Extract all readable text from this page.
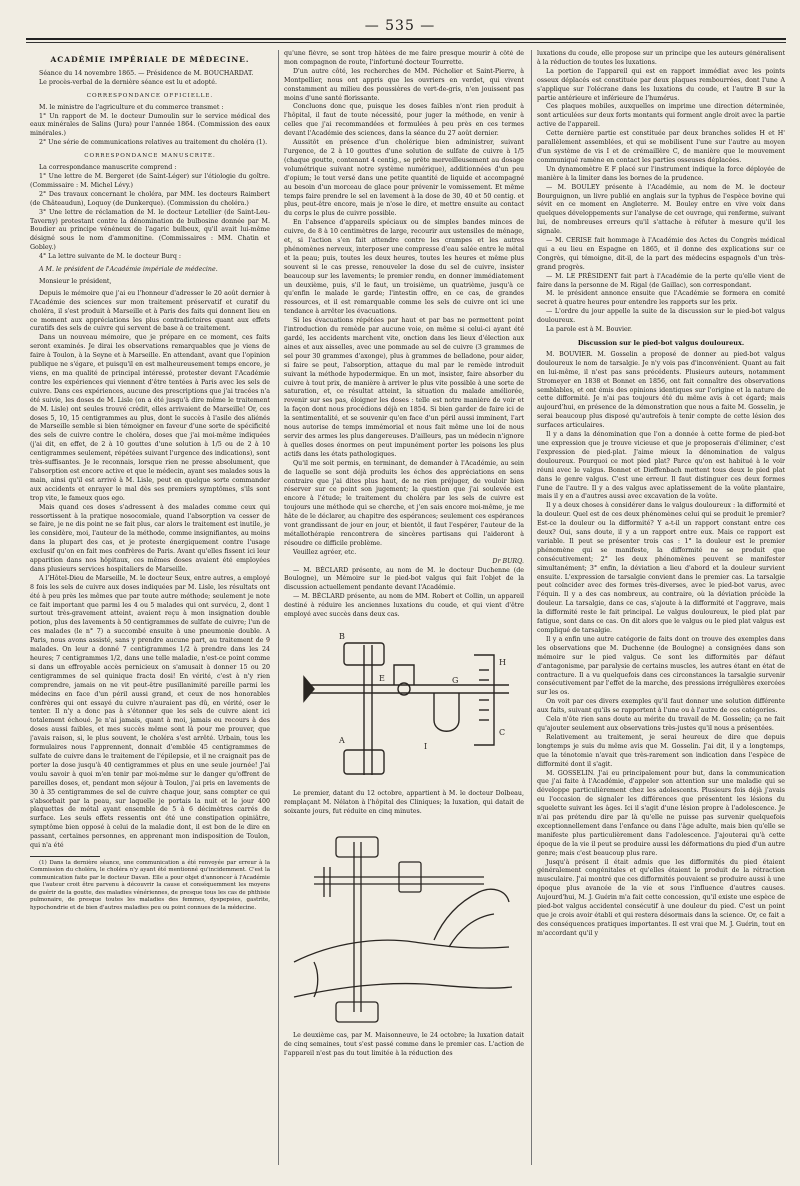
— 535 —

ACADÉMIE IMPÉRIALE DE MÉDECINE.

Séance du 14 novembre 1865. — Présidence de M. BOUCHARDAT.

Le procès-verbal de la dernière séance est lu et adopté.

CORRESPONDANCE OFFICIELLE.

M. le ministre de l'agriculture et du commerce transmet :

1° Un rapport de M. le docteur Dumoulin sur le service médical des eaux minérales de Salins (Jura) pour l'année 1864. (Commission des eaux minérales.)

2° Une série de communications relatives au traitement du choléra (1).

CORRESPONDANCE MANUSCRITE.

La correspondance manuscrite comprend :

1° Une lettre de M. Bergeret (de Saint-Léger) sur l'étiologie du goître. (Commissaire : M. Michel Lévy.)

2° Des travaux concernant le choléra, par MM. les docteurs Raimbert (de Châteaudun), Loquoy (de Dunkerque). (Commission du choléra.)

3° Une lettre de réclamation de M. le docteur Letellier (de Saint-Leu-Taverny) protestant contre la dénomination de bulbosine donnée par M. Boudier au principe vénéneux de l'agaric bulbeux, qu'il avait lui-même désigné sous le nom d'ammonitine. (Commissaires : MM. Chatin et Gobley.)

4° La lettre suivante de M. le docteur Burq :

A M. le président de l'Académie impériale de médecine.

Monsieur le président,

Depuis le mémoire que j'ai eu l'honneur d'adresser le 20 août dernier à l'Académie des sciences sur mon traitement préservatif et curatif du choléra, il s'est produit à Marseille et à Paris des faits qui donnent lieu en ce moment aux appréciations les plus contradictoires quant aux effets curatifs des sels de cuivre qui servent de base à ce traitement.

Dans un nouveau mémoire, que je prépare en ce moment, ces faits seront examinés. Je dirai les observations remarquables que je viens de faire à Toulon, à la Seyne et à Marseille. En attendant, avant que l'opinion publique ne s'égare, et puisqu'il en est malheureusement temps encore, je viens, en ma qualité de principal intéressé, protester devant l'Académie contre les expériences qui viennent d'être tentées à Paris avec les sels de cuivre. Dans ces expériences, aucune des prescriptions que j'ai tracées n'a été suivie, les doses de M. Lisle (on a été jusqu'à dire même le traitement de M. Lisle) ont seules trouvé crédit, elles arrivaient de Marseille! Or, ces doses 5, 10, 15 centigrammes au plus, dont le succès à l'asile des aliénés de Marseille semble si bien témoigner en faveur d'une sorte de spécificité des sels de cuivre contre le choléra, doses que j'ai moi-même indiquées (j'ai dit, en effet, de 2 à 10 gouttes d'une solution à 1/5 ou de 2 à 10 centigrammes seulement, répétées suivant l'urgence des indications), sont très-suffisantes. Je le reconnais, lorsque rien ne presse absolument, que l'absorption est encore active et que le médecin, ayant ses malades sous la main, ainsi qu'il est arrivé à M. Lisle, peut en quelque sorte commander aux accidents et enrayer le mal dès ses premiers symptômes, s'ils sont trop vite, le fameux quos ego.

Mais quand ces doses s'adressent à des malades comme ceux qui ressortissent à la pratique nosocomiale, quand l'absorption va cesser de se faire, je ne dis point ne se fait plus, car alors le traitement est inutile, je les considère, moi, l'auteur de la méthode, comme insignifiantes, au moins dans la plupart des cas, et je proteste énergiquement contre l'usage exclusif qu'on en fait mes confrères de Paris. Avant qu'elles fissent ici leur apparition dans nos hôpitaux, ces mêmes doses avaient été employées dans plusieurs services hospitaliers de Marseille.

A l'Hôtel-Dieu de Marseille, M. le docteur Seux, entre autres, a employé 8 fois les sels de cuivre aux doses indiquées par M. Lisle, les résultats ont été à peu près les mêmes que par toute autre méthode; seulement je note ce fait important que parmi les 4 ou 5 malades qui ont survécu, 2, dont 1 surtout très-gravement atteint, avaient reçu à mon insignation double potion, plus des lavements à 50 centigrammes de sulfate de cuivre; l'un de ces malades (le n° 7) a succombé ensuite à une pneumonie double. A Paris, nous avons assisté, sans y prendre aucune part, au traitement de 9 malades. On leur a donné 7 centigrammes 1/2 à prendre dans les 24 heures; 7 centigrammes 1/2, dans une telle maladie, n'est-ce point comme si dans un effroyable accès pernicieux on s'amusait à donner 15 ou 20 centigrammes de sel quinique fracta dosi! En vérité, c'est à n'y rien comprendre, jamais on ne vit peut-être pusillanimité pareille parmi les médecins en face d'un péril aussi grand, et ceux de nos honorables confrères qui ont essayé du cuivre n'auraient pas dû, en vérité, oser le tenter. Il n'y a donc pas à s'étonner que les sels de cuivre aient ici totalement échoué. Je n'ai jamais, quant à moi, jamais eu recours à des doses aussi faibles, et mes succès même sont là pour me prouver, que j'avais raison, si, le plus souvent, le choléra s'est arrêté. Urbain, tous les formulaires nous l'apprennent, donnait d'emblée 45 centigrammes de sulfate de cuivre dans le traitement de l'épilepsie, et il ne craignait pas de porter la dose jusqu'à 40 centigrammes et plus en une seule journée! J'ai voulu savoir à quoi m'en tenir par moi-même sur le danger qu'offrent de pareilles doses, et, pendant mon séjour à Toulon, j'ai pris en lavements de 30 à 35 centigrammes de sel de cuivre chaque jour, sans compter ce qui s'absorbait par la peau, sur laquelle je portais la nuit et le jour 400 plaquettes de métal ayant ensemble de 5 à 6 décimètres carrés de surface. Les seuls effets ressentis ont été une constipation opiniâtre, symptôme bien opposé à celui de la maladie dont, il est bon de le dire en passant, certaines personnes, en apprenant mon indisposition de Toulon, qui n'a été

(1) Dans la dernière séance, une communication a été renvoyée par erreur à la Commission du choléra, le choléra n'y ayant été mentionné qu'incidemment. C'est la communication faite par le docteur Davan. Elle a pour objet d'annoncer à l'Académie que l'auteur croit être parvenu à découvrir la cause et conséquemment les moyens de guérir de la goutte, des maladies vénériennes, de presque tous les cas de phthisie pulmonaire, de presque toutes les maladies des femmes, dyspepsies, gastrite, hypochondrie et de bien d'autres maladies peu ou point connues de la médecine.

qu'une fièvre, se sont trop hâtées de me faire presque mourir à côté de mon compagnon de route, l'infortuné docteur Tourrette.

D'un autre côté, les recherches de MM. Pécholier et Saint-Pierre, à Montpellier, nous ont appris que les ouvriers en verdet, qui vivent constamment au milieu des poussières de vert-de-gris, n'en jouissent pas moins d'une santé florissante.

Concluons donc que, puisque les doses faibles n'ont rien produit à l'hôpital, il faut de toute nécessité, pour juger la méthode, en venir à celles que j'ai recommandées et formulées à peu près en ces termes devant l'Académie des sciences, dans la séance du 27 août dernier.

Aussitôt en présence d'un cholérique bien administrer, suivant l'urgence, de 2 à 10 gouttes d'une solution de sulfate de cuivre à 1/5 (chaque goutte, contenant 4 centig., se prête merveilleusement au dosage volumétrique suivant notre système numérique), additionnées d'un peu d'opium; le tout versé dans une petite quantité de liquide et accompagné au besoin d'un morceau de glace pour prévenir le vomissement. Et même temps faire prendre le sel en lavement à la dose de 30, 40 et 50 centig. et plus, peut-être encore, mais je n'ose le dire, et mettre ensuite au contact du corps le plus de cuivre possible.

En l'absence d'appareils spéciaux ou de simples bandes minces de cuivre, de 8 à 10 centimètres de large, recourir aux ustensiles de ménage, et, si l'action s'en fait attendre contre les crampes et les autres phénomènes nerveux, interposer une compresse d'eau salée entre le métal et la peau; puis, toutes les deux heures, toutes les heures et même plus souvent si le cas presse, renouveler la dose du sel de cuivre, insister beaucoup sur les lavements; le premier rendu, en donner immédiatement un deuxième, puis, s'il le faut, un troisième, un quatrième, jusqu'à ce qu'enfin le malade le garde; l'intestin offre, en ce cas, de grandes ressources, et il est remarquable comme les sels de cuivre ont ici une tendance à arrêter les évacuations.

Si les évacuations répétées par haut et par bas ne permettent point l'introduction du remède par aucune voie, on même si celui-ci ayant été gardé, les accidents marchent vite, onction dans les lieux d'élection aux aines et aux aisselles, avec une pommade au sel de cuivre (3 grammes de sel pour 30 grammes d'axonge), plus à grammes de belladone, pour aider, si faire se peut, l'absorption, attaque du mal par le remède introduit suivant la méthode hypodermique. En un mot, insister, faire absorber du cuivre à tout prix, de manière à arriver le plus vite possible à une sorte de saturation, et, ce résultat atteint, la situation du malade améliorée, revenir sur ses pas, éloigner les doses : telle est notre manière de voir et la façon dont nous procédions déjà en 1854. Si bien garder de faire ici de la sentimentalité, et se souvenir qu'en face d'un péril aussi imminent, l'art nous autorise de temps immémorial et nous fait même une loi de nous servir des armes les plus dangereuses. D'ailleurs, pas un médecin n'ignore à quelles doses énormes on peut impunément porter les poisons les plus actifs dans les états pathologiques.

Qu'il me soit permis, en terminant, de demander à l'Académie, au sein de laquelle se sont déjà produits les échos des appréciations en sens contraire que j'ai dites plus haut, de ne rien préjuger, de vouloir bien réserver sur ce point son jugement; la question que j'ai soulevée est encore à l'étude; le traitement du choléra par les sels de cuivre est toujours une méthode qui se cherche, et j'en sais encore moi-même, je me hâte de le déclarer, au chapitre des espérances; seulement ces espérances vont grandissant de jour en jour, et bientôt, il faut l'espérer, l'auteur de la métallothérapie rencontrera de sincères partisans qui l'aideront à résoudre ce difficile problème.

Veuillez agréer, etc.

Dr BURQ.

— M. BÉCLARD présente, au nom de M. le docteur Duchenne (de Boulogne), un Mémoire sur le pied-bot valgus qui fait l'objet de la discussion actuellement pendante devant l'Académie.

— M. BÉCLARD présente, au nom de MM. Robert et Collin, un appareil destiné à réduire les anciennes luxations du coude, et qui vient d'être employé avec succès dans deux cas.

B
E	G
H
C
A
I

Le premier, datant du 12 octobre, appartient à M. le docteur Dolbeau, remplaçant M. Nélaton à l'hôpital des Cliniques; la luxation, qui datait de soixante jours, fut réduite en cinq minutes.

Le deuxième cas, par M. Maisonneuve, le 24 octobre; la luxation datait de cinq semaines, tout s'est passé comme dans le premier cas. L'action de l'appareil n'est pas du tout limitée à la réduction des

luxations du coude, elle propose sur un principe que les auteurs généralisent à la réduction de toutes les luxations.

La portion de l'appareil qui est en rapport immédiat avec les points osseux déplacés est constituée par deux plaques rembourrées, dont l'une A s'applique sur l'olécrane dans les luxations du coude, et l'autre B sur la partie antérieure et inférieure de l'humérus.

Ces plaques mobiles, auxquelles on imprime une direction déterminée, sont articulées sur deux forts montants qui forment angle droit avec la partie active de l'appareil.

Cette dernière partie est constituée par deux branches solides H et H' parallèlement assemblées, et qui se mobilisent l'une sur l'autre au moyen d'un système de vis I et de crémaillère C, de manière que le mouvement communiqué ramène en contact les parties osseuses déplacées.

Un dynamomètre E F placé sur l'instrument indique la force déployée de manière à la limiter dans les bornes de la prudence.

— M. BOULEY présente à l'Académie, au nom de M. le docteur Bourguignon, un livre publié en anglais sur la typhus de l'espèce bovine qui sévit en ce moment en Angleterre. M. Bouley entre en vive voix dans quelques développements sur l'analyse de cet ouvrage, qui renferme, suivant lui, de nombreuses erreurs qu'il s'attache à réfuter à mesure qu'il les signale.

— M. CERISE fait hommage à l'Académie des Actes du Congrès médical qui a eu lieu en Espagne en 1865, et il donne des explications sur ce Congrès, qui témoigne, dit-il, de la part des médecins espagnols d'un très-grand progrès.

— M. LE PRÉSIDENT fait part à l'Académie de la perte qu'elle vient de faire dans la personne de M. Rigal (de Gaillac), son correspondant.

M. le président annonce ensuite que l'Académie se formera en comité secret à quatre heures pour entendre les rapports sur les prix.

— L'ordre du jour appelle la suite de la discussion sur le pied-bot valgus douloureux.

La parole est à M. Bouvier.

Discussion sur le pied-bot valgus douloureux.

M. BOUVIER. M. Gosselin a proposé de donner au pied-bot valgus douloureux le nom de tarsalgie. Je n'y vois pas d'inconvénient. Quant au fait en lui-même, il n'est pas sans précédents. Plusieurs auteurs, notamment Stromeyer en 1838 et Bonnet en 1856, ont fait connaître des observations semblables, et ont émis des opinions identiques sur l'origine et la nature de cette difformité. Je n'ai pas toujours été du même avis à cet égard; mais aujourd'hui, en présence de la démonstration que nous a faite M. Gosselin, je serai beaucoup plus disposé qu'autrefois à tenir compte de cette lésion des surfaces articulaires.

Il y a dans la dénomination que l'on a donnée à cette forme de pied-bot une expression que je trouve vicieuse et que je proposerais d'éliminer, c'est l'expression de pied-plat. J'aime mieux la dénomination de valgus douloureux. Pourquoi ce mot pied plat? Parce qu'on est habitué à le voir réuni avec le valgus. Bonnet et Dieffenbach mettent tous deux le pied plat dans le genre valgus. C'est une erreur. Il faut distinguer ces deux formes l'une de l'autre. Il y a des valgus avec aplatissement de la voûte plantaire, mais il y en a d'autres aussi avec excavation de la voûte.

Il y a deux choses à considérer dans le valgus douloureux : la difformité et la douleur. Quel est de ces deux phénomènes celui qui se produit le premier? Est-ce la douleur ou la difformité? Y a-t-il un rapport constant entre ces deux? Oui, sans doute, il y a un rapport entre eux. Mais ce rapport est variable. Il peut se présenter trois cas : 1° la douleur est le premier phénomène qui se manifeste, la difformité ne se produit que consécutivement; 2° les deux phénomènes peuvent se manifester simultanément; 3° enfin, la déviation a lieu d'abord et la douleur survient ensuite. L'expression de tarsalgie convient dans le premier cas. La tarsalgie peut coïncider avec des formes très-diverses, avec le pied-bot varus, avec l'équin. Il y a des cas nombreux, au contraire, où la déviation précède la douleur. La tarsalgie, dans ce cas, s'ajoute à la difformité et l'aggrave, mais la difformité reste le fait principal. Le valgus douloureux, le pied plat par fatigue, sont dans ce cas. On dit alors que le valgus ou le pied plat valgus est compliqué de tarsalgie.

Il y a enfin une autre catégorie de faits dont on trouve des exemples dans les observations que M. Duchenne (de Boulogne) a consignées dans son mémoire sur le pied valgus. Ce sont les difformités par défaut d'antagonisme, par paralysie de certains muscles, les autres étant en état de contracture. Il a vu quelquefois dans ces circonstances la tarsalgie survenir consécutivement par l'effet de la marche, des pressions irrégulières exercées sur les os.

On voit par ces divers exemples qu'il faut donner une solution différente aux faits, suivant qu'ils se rapportent à l'une ou à l'autre de ces catégories.

Cela n'ôte rien sans doute au mérite du travail de M. Gosselin; ça ne fait qu'ajouter seulement aux observations très-justes qu'il nous a présentées.

Relativement au traitement, je serai heureux de dire que depuis longtemps je suis du même avis que M. Gosselin. J'ai dit, il y a longtemps, que la ténotomie n'avait que très-rarement son indication dans l'espèce de difformité dont il s'agit.

M. GOSSELIN. J'ai eu principalement pour but, dans la communication que j'ai faite à l'Académie, d'appeler son attention sur une maladie qui se développe particulièrement chez les adolescents. Plusieurs fois déjà j'avais eu l'occasion de signaler les différences que présentent les lésions du squelette suivant les âges. Ici il s'agit d'une lésion propre à l'adolescence. Je n'ai pas prétendu dire par là qu'elle ne puisse pas survenir quelquefois exceptionnellement dans l'enfance ou dans l'âge adulte, mais bien qu'elle se manifeste plus particulièrement dans l'adolescence. J'ajouterai qu'à cette époque de la vie il peut se produire aussi les déformations du pied d'un autre genre; mais c'est beaucoup plus rare.

Jusqu'à présent il était admis que les difformités du pied étaient généralement congénitales et qu'elles étaient le produit de la rétraction musculaire. J'ai montré que ces difformités pouvaient se produire aussi à une époque plus avancée de la vie et sous l'influence d'autres causes. Aujourd'hui, M. J. Guérin m'a fait cette concession, qu'il existe une espèce de pied-bot valgus accidentel consécutif à une douleur du pied. C'est un point que je crois avoir établi et qui restera désormais dans la science. Or, ce fait a des conséquences pratiques importantes. Il est vrai que M. J. Guérin, tout en m'accordant qu'il y
